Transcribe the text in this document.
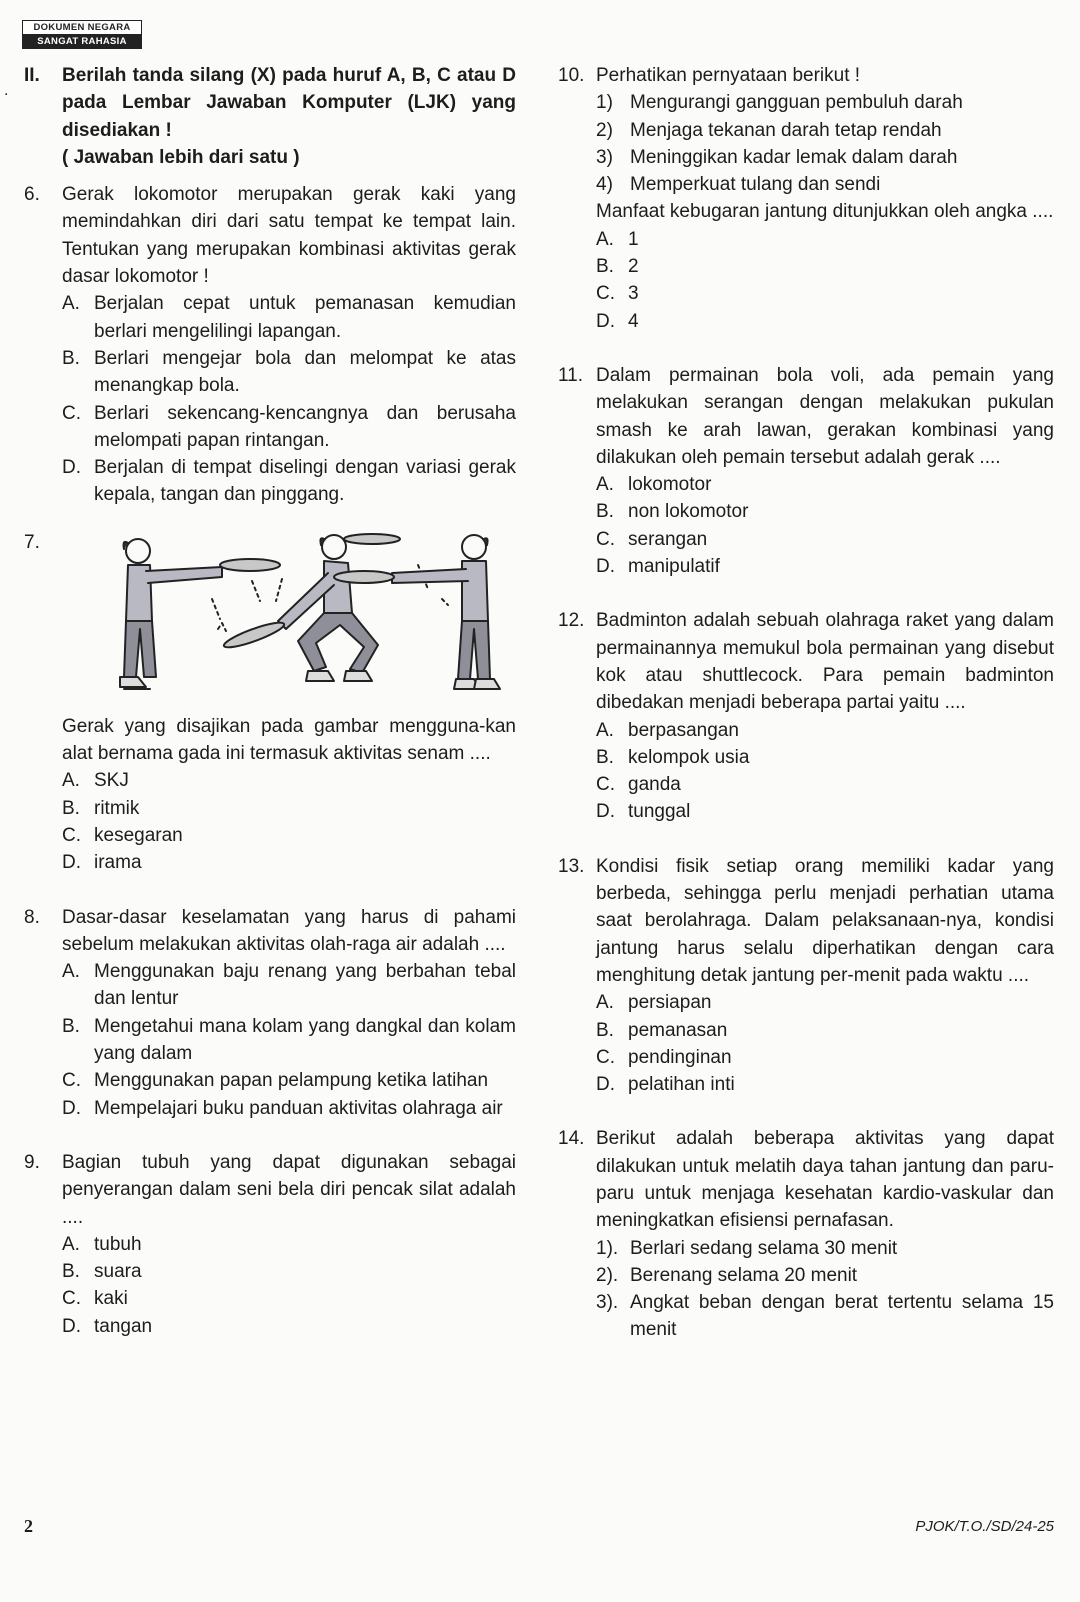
DOKUMEN NEGARA
SANGAT RAHASIA
.
II. Berilah tanda silang (X) pada huruf A, B, C atau D pada Lembar Jawaban Komputer (LJK) yang disediakan !
( Jawaban lebih dari satu )
6. Gerak lokomotor merupakan gerak kaki yang memindahkan diri dari satu tempat ke tempat lain. Tentukan yang merupakan kombinasi aktivitas gerak dasar lokomotor !
A. Berjalan cepat untuk pemanasan kemudian berlari mengelilingi lapangan.
B. Berlari mengejar bola dan melompat ke atas menangkap bola.
C. Berlari sekencang-kencangnya dan berusaha melompati papan rintangan.
D. Berjalan di tempat diselingi dengan variasi gerak kepala, tangan dan pinggang.
7.
Gerak yang disajikan pada gambar mengguna-kan alat bernama gada ini termasuk aktivitas senam ....
A. SKJ
B. ritmik
C. kesegaran
D. irama
8. Dasar-dasar keselamatan yang harus di pahami sebelum melakukan aktivitas olah-raga air adalah ....
A. Menggunakan baju renang yang berbahan tebal dan lentur
B. Mengetahui mana kolam yang dangkal dan kolam yang dalam
C. Menggunakan papan pelampung ketika latihan
D. Mempelajari buku panduan aktivitas olahraga air
9. Bagian tubuh yang dapat digunakan sebagai penyerangan dalam seni bela diri pencak silat adalah ....
A. tubuh
B. suara
C. kaki
D. tangan
10. Perhatikan pernyataan berikut !
1) Mengurangi gangguan pembuluh darah
2) Menjaga tekanan darah tetap rendah
3) Meninggikan kadar lemak dalam darah
4) Memperkuat tulang dan sendi
Manfaat kebugaran jantung ditunjukkan oleh angka ....
A. 1
B. 2
C. 3
D. 4
11. Dalam permainan bola voli, ada pemain yang melakukan serangan dengan melakukan pukulan smash ke arah lawan, gerakan kombinasi yang dilakukan oleh pemain tersebut adalah gerak ....
A. lokomotor
B. non lokomotor
C. serangan
D. manipulatif
12. Badminton adalah sebuah olahraga raket yang dalam permainannya memukul bola permainan yang disebut kok atau shuttlecock. Para pemain badminton dibedakan menjadi beberapa partai yaitu ....
A. berpasangan
B. kelompok usia
C. ganda
D. tunggal
13. Kondisi fisik setiap orang memiliki kadar yang berbeda, sehingga perlu menjadi perhatian utama saat berolahraga. Dalam pelaksanaan-nya, kondisi jantung harus selalu diperhatikan dengan cara menghitung detak jantung per-menit pada waktu ....
A. persiapan
B. pemanasan
C. pendinginan
D. pelatihan inti
14. Berikut adalah beberapa aktivitas yang dapat dilakukan untuk melatih daya tahan jantung dan paru-paru untuk menjaga kesehatan kardio-vaskular dan meningkatkan efisiensi pernafasan.
1). Berlari sedang selama 30 menit
2). Berenang selama 20 menit
3). Angkat beban dengan berat tertentu selama 15 menit
2	PJOK/T.O./SD/24-25
